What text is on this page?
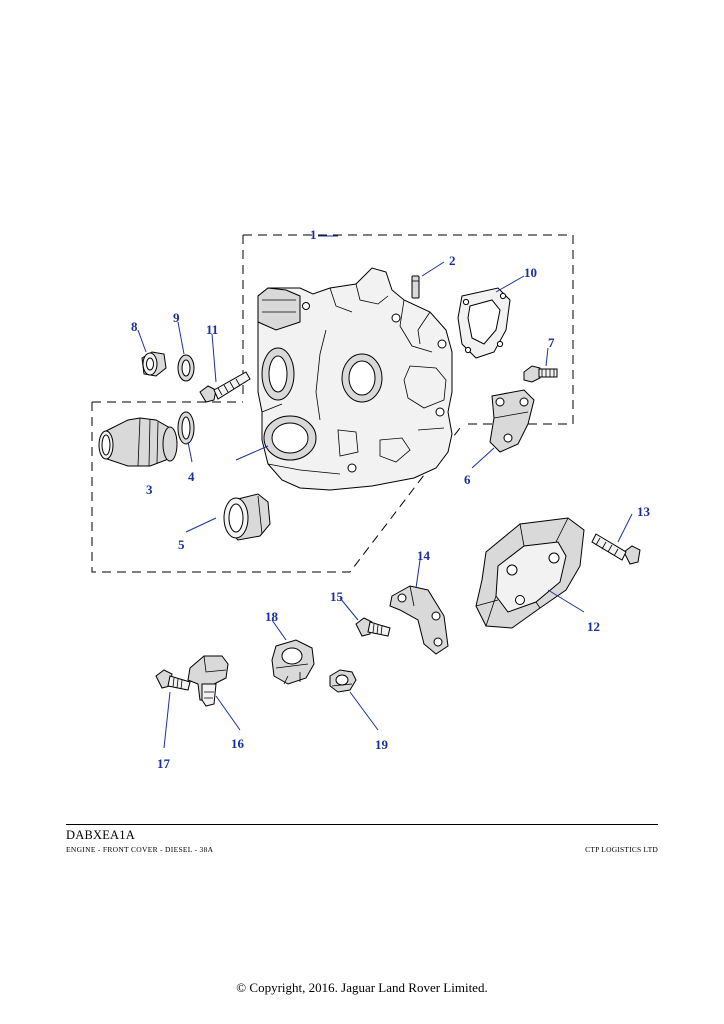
1
2
3
4
5
6
7
8
9
10
11
12
13
14
15
16
17
18
19
DABXEA1A
ENGINE - FRONT COVER - DIESEL - 38A	CTP LOGISTICS LTD
© Copyright, 2016. Jaguar Land Rover Limited.
